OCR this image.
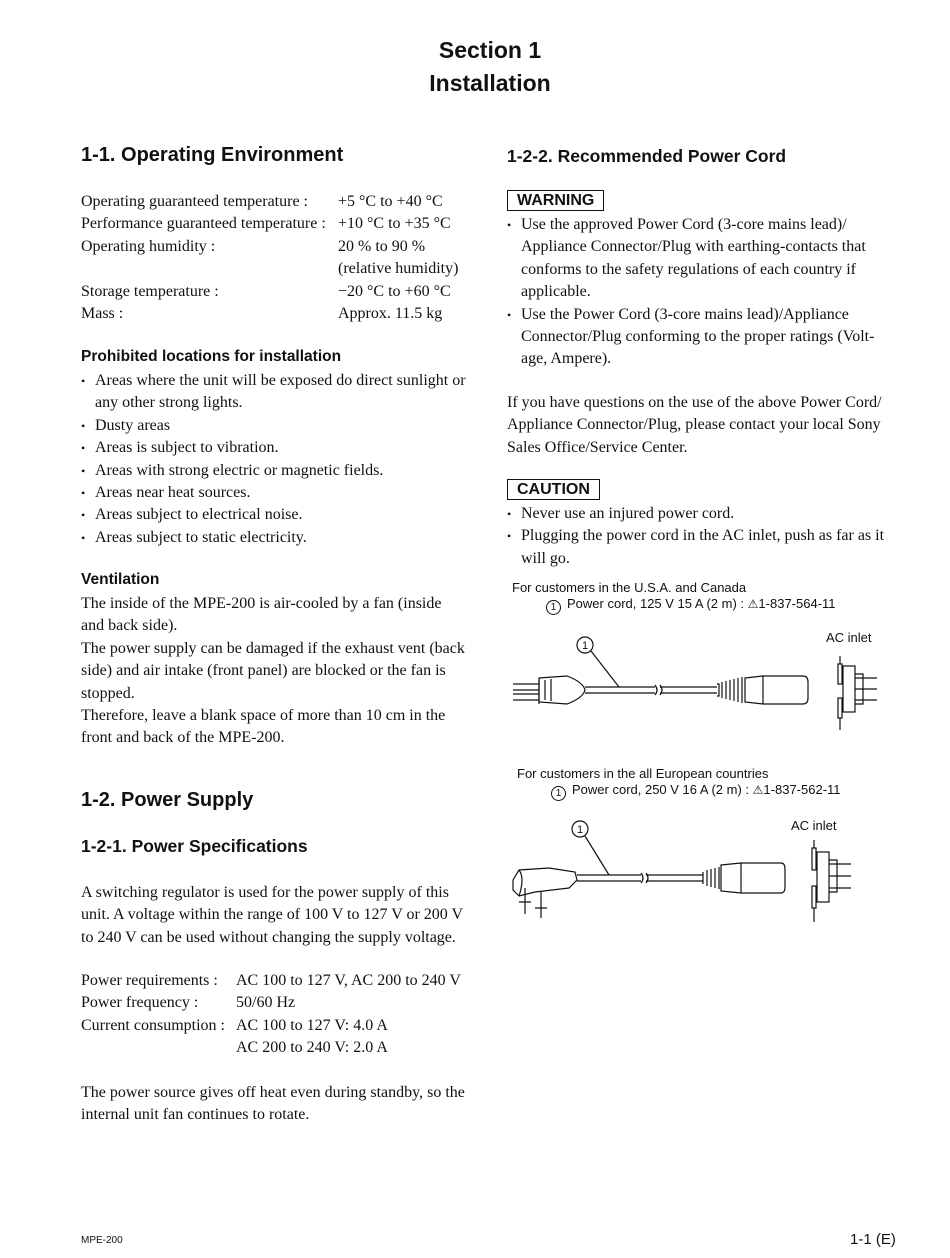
Section 1
Installation
1-1. Operating Environment
Operating guaranteed temperature : +5 °C to +40 °C
Performance guaranteed temperature : +10 °C to +35 °C
Operating humidity :	20 % to 90 %
(relative humidity)
Storage temperature :	−20 °C to +60 °C
Mass :	Approx. 11.5 kg
Prohibited locations for installation
• Areas where the unit will be exposed do direct sunlight or any other strong lights.
• Dusty areas
• Areas is subject to vibration.
• Areas with strong electric or magnetic fields.
• Areas near heat sources.
• Areas subject to electrical noise.
• Areas subject to static electricity.
Ventilation
The inside of the MPE-200 is air-cooled by a fan (inside and back side).
The power supply can be damaged if the exhaust vent (back side) and air intake (front panel) are blocked or the fan is stopped.
Therefore, leave a blank space of more than 10 cm in the front and back of the MPE-200.
1-2. Power Supply
1-2-1. Power Specifications
A switching regulator is used for the power supply of this unit. A voltage within the range of 100 V to 127 V or 200 V to 240 V can be used without changing the supply voltage.
Power requirements : AC 100 to 127 V, AC 200 to 240 V
Power frequency : 50/60 Hz
Current consumption : AC 100 to 127 V: 4.0 A
AC 200 to 240 V: 2.0 A
The power source gives off heat even during standby, so the internal unit fan continues to rotate.
1-2-2. Recommended Power Cord
WARNING
• Use the approved Power Cord (3-core mains lead)/ Appliance Connector/Plug with earthing-contacts that conforms to the safety regulations of each country if applicable.
• Use the Power Cord (3-core mains lead)/Appliance Connector/Plug conforming to the proper ratings (Volt-age, Ampere).
If you have questions on the use of the above Power Cord/ Appliance Connector/Plug, please contact your local Sony Sales Office/Service Center.
CAUTION
• Never use an injured power cord.
• Plugging the power cord in the AC inlet, push as far as it will go.
For customers in the U.S.A. and Canada
1 Power cord, 125 V 15 A (2 m) : ⚠1-837-564-11
AC inlet
1
For customers in the all European countries
1 Power cord, 250 V 16 A (2 m) : ⚠1-837-562-11
AC inlet
1
MPE-200	1-1 (E)
